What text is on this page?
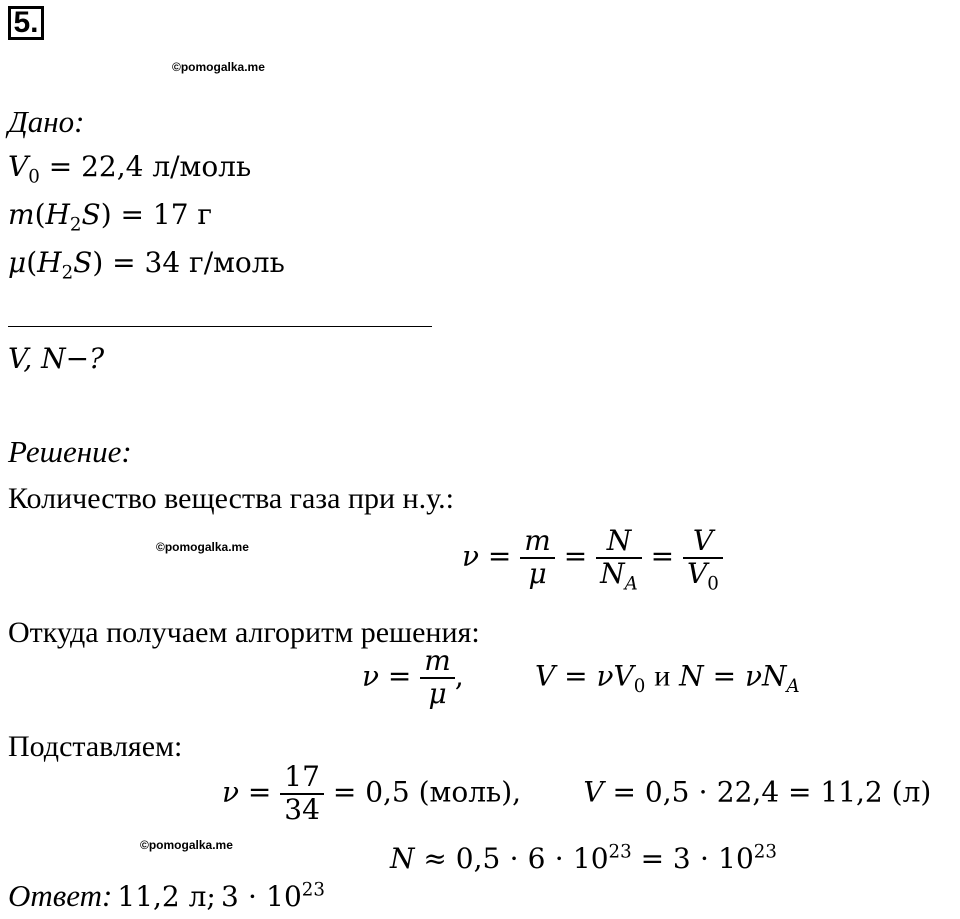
5.
©pomogalka.me
Дано:
$V_0 = 22,4$ л/моль
$m(H_2S) = 17$ г
$\mu(H_2S) = 34$ г/моль
V, N−?
Решение:
Количество вещества газа при н.у.:
©pomogalka.me	$\nu = \frac{m}{\mu} = \frac{N}{N_A} = \frac{V}{V_0}$
Откуда получаем алгоритм решения:
$\nu = \frac{m}{\mu}$ ,        $V = \nu V_0$ и $N = \nu N_A$
Подставляем:
$\nu = \frac{17}{34} = 0,5$ (моль), V = 0,5 ⋅ 22,4 = 11,2 (л)
©pomogalka.me	$N \approx 0,5 \cdot 6 \cdot 10^{23} = 3 \cdot 10^{23}$
Ответ: 11,2 л; $3 \cdot 10^{23}$
